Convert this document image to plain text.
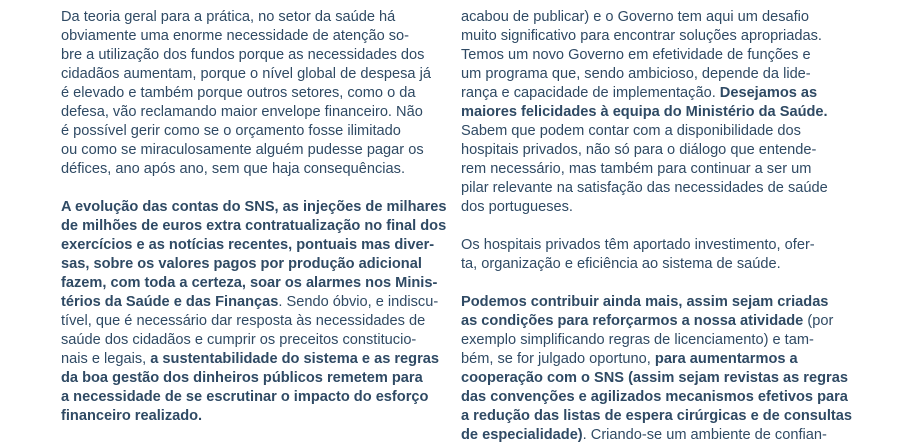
Da teoria geral para a prática, no setor da saúde há
obviamente uma enorme necessidade de atenção so-
bre a utilização dos fundos porque as necessidades dos
cidadãos aumentam, porque o nível global de despesa já
é elevado e também porque outros setores, como o da
defesa, vão reclamando maior envelope financeiro. Não
é possível gerir como se o orçamento fosse ilimitado
ou como se miraculosamente alguém pudesse pagar os
défices, ano após ano, sem que haja consequências.
A evolução das contas do SNS, as injeções de milhares
de milhões de euros extra contratualização no final dos
exercícios e as notícias recentes, pontuais mas diver-
sas, sobre os valores pagos por produção adicional
fazem, com toda a certeza, soar os alarmes nos Minis-
térios da Saúde e das Finanças. Sendo óbvio, e indiscu-
tível, que é necessário dar resposta às necessidades de
saúde dos cidadãos e cumprir os preceitos constitucio-
nais e legais, a sustentabilidade do sistema e as regras
da boa gestão dos dinheiros públicos remetem para
a necessidade de se escrutinar o impacto do esforço
financeiro realizado.
acabou de publicar) e o Governo tem aqui um desafio
muito significativo para encontrar soluções apropriadas.
Temos um novo Governo em efetividade de funções e
um programa que, sendo ambicioso, depende da lide-
rança e capacidade de implementação. Desejamos as
maiores felicidades à equipa do Ministério da Saúde.
Sabem que podem contar com a disponibilidade dos
hospitais privados, não só para o diálogo que entende-
rem necessário, mas também para continuar a ser um
pilar relevante na satisfação das necessidades de saúde
dos portugueses.
Os hospitais privados têm aportado investimento, ofer-
ta, organização e eficiência ao sistema de saúde.
Podemos contribuir ainda mais, assim sejam criadas
as condições para reforçarmos a nossa atividade (por
exemplo simplificando regras de licenciamento) e tam-
bém, se for julgado oportuno, para aumentarmos a
cooperação com o SNS (assim sejam revistas as regras
das convenções e agilizados mecanismos efetivos para
a redução das listas de espera cirúrgicas e de consultas
de especialidade). Criando-se um ambiente de confian-
